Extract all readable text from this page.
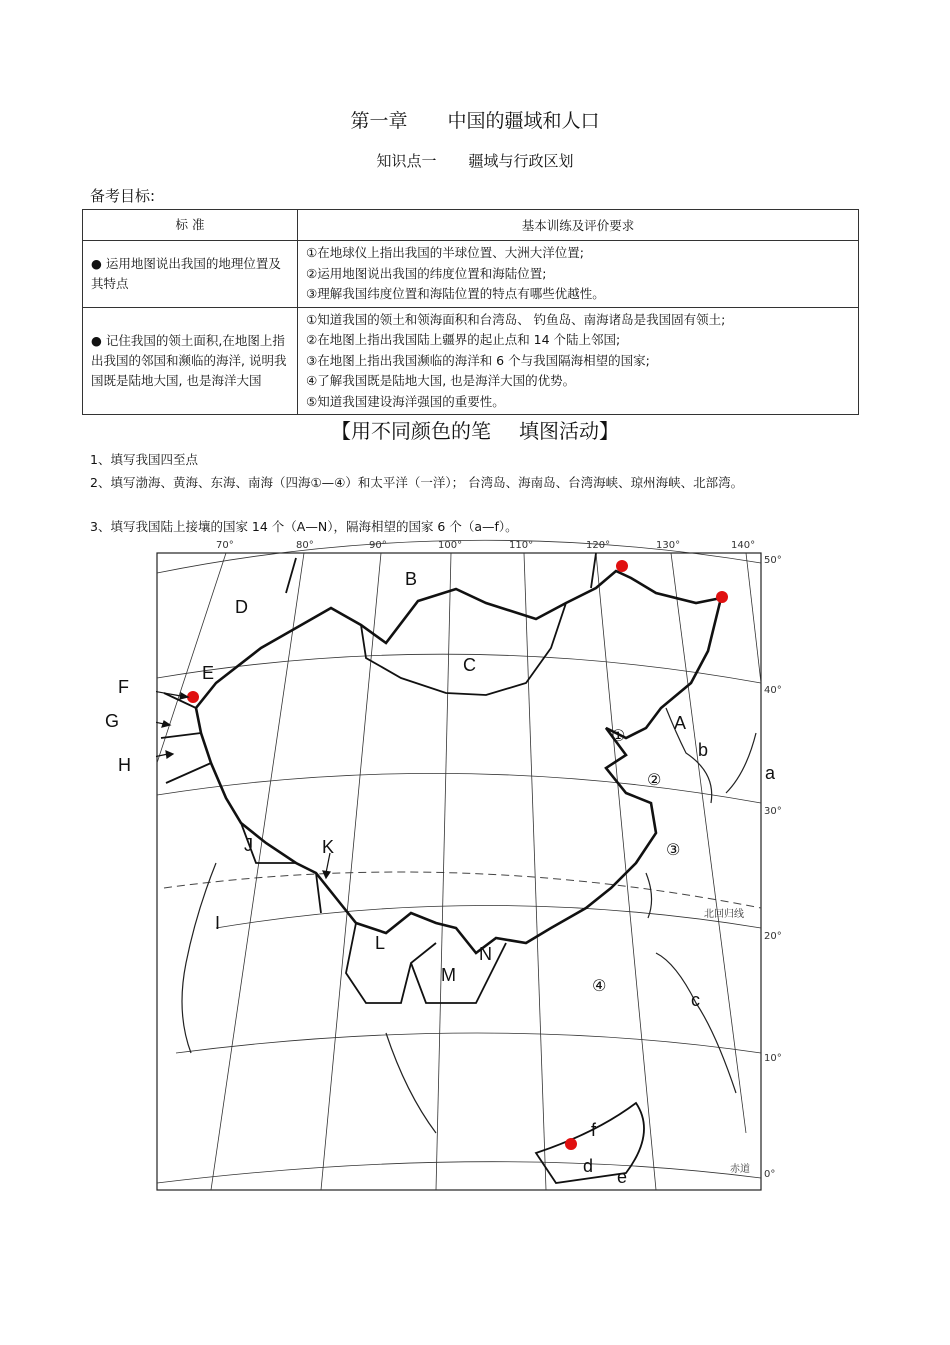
第一章 中国的疆域和人口
知识点一 疆域与行政区划
备考目标:
标 准	基本训练及评价要求
● 运用地图说出我国的地理位置及其特点	①在地球仪上指出我国的半球位置、大洲大洋位置;
②运用地图说出我国的纬度位置和海陆位置;
③理解我国纬度位置和海陆位置的特点有哪些优越性。

● 记住我国的领土面积,在地图上指出我国的邻国和濒临的海洋, 说明我国既是陆地大国, 也是海洋大国	①知道我国的领土和领海面积和台湾岛、 钓鱼岛、南海诸岛是我国固有领土;
②在地图上指出我国陆上疆界的起止点和 14 个陆上邻国;
③在地图上指出我国濒临的海洋和 6 个与我国隔海相望的国家;
④了解我国既是陆地大国, 也是海洋大国的优势。
⑤知道我国建设海洋强国的重要性。
【用不同颜色的笔 填图活动】
1、填写我国四至点
2、填写渤海、黄海、东海、南海（四海①—④）和太平洋（一洋）； 台湾岛、海南岛、台湾海峡、琼州海峡、北部湾。
3、填写我国陆上接壤的国家 14 个（A—N），隔海相望的国家 6 个（a—f）。
70°	80°	90°	100°	110°	120°	130°	140°
50°
40°
30°
20°
10°
0°
北回归线
赤道
A
B
C
D
E
F
G
H
I
J	K
L
M
N
a
b
c
d
e
f
①
②
③
④
